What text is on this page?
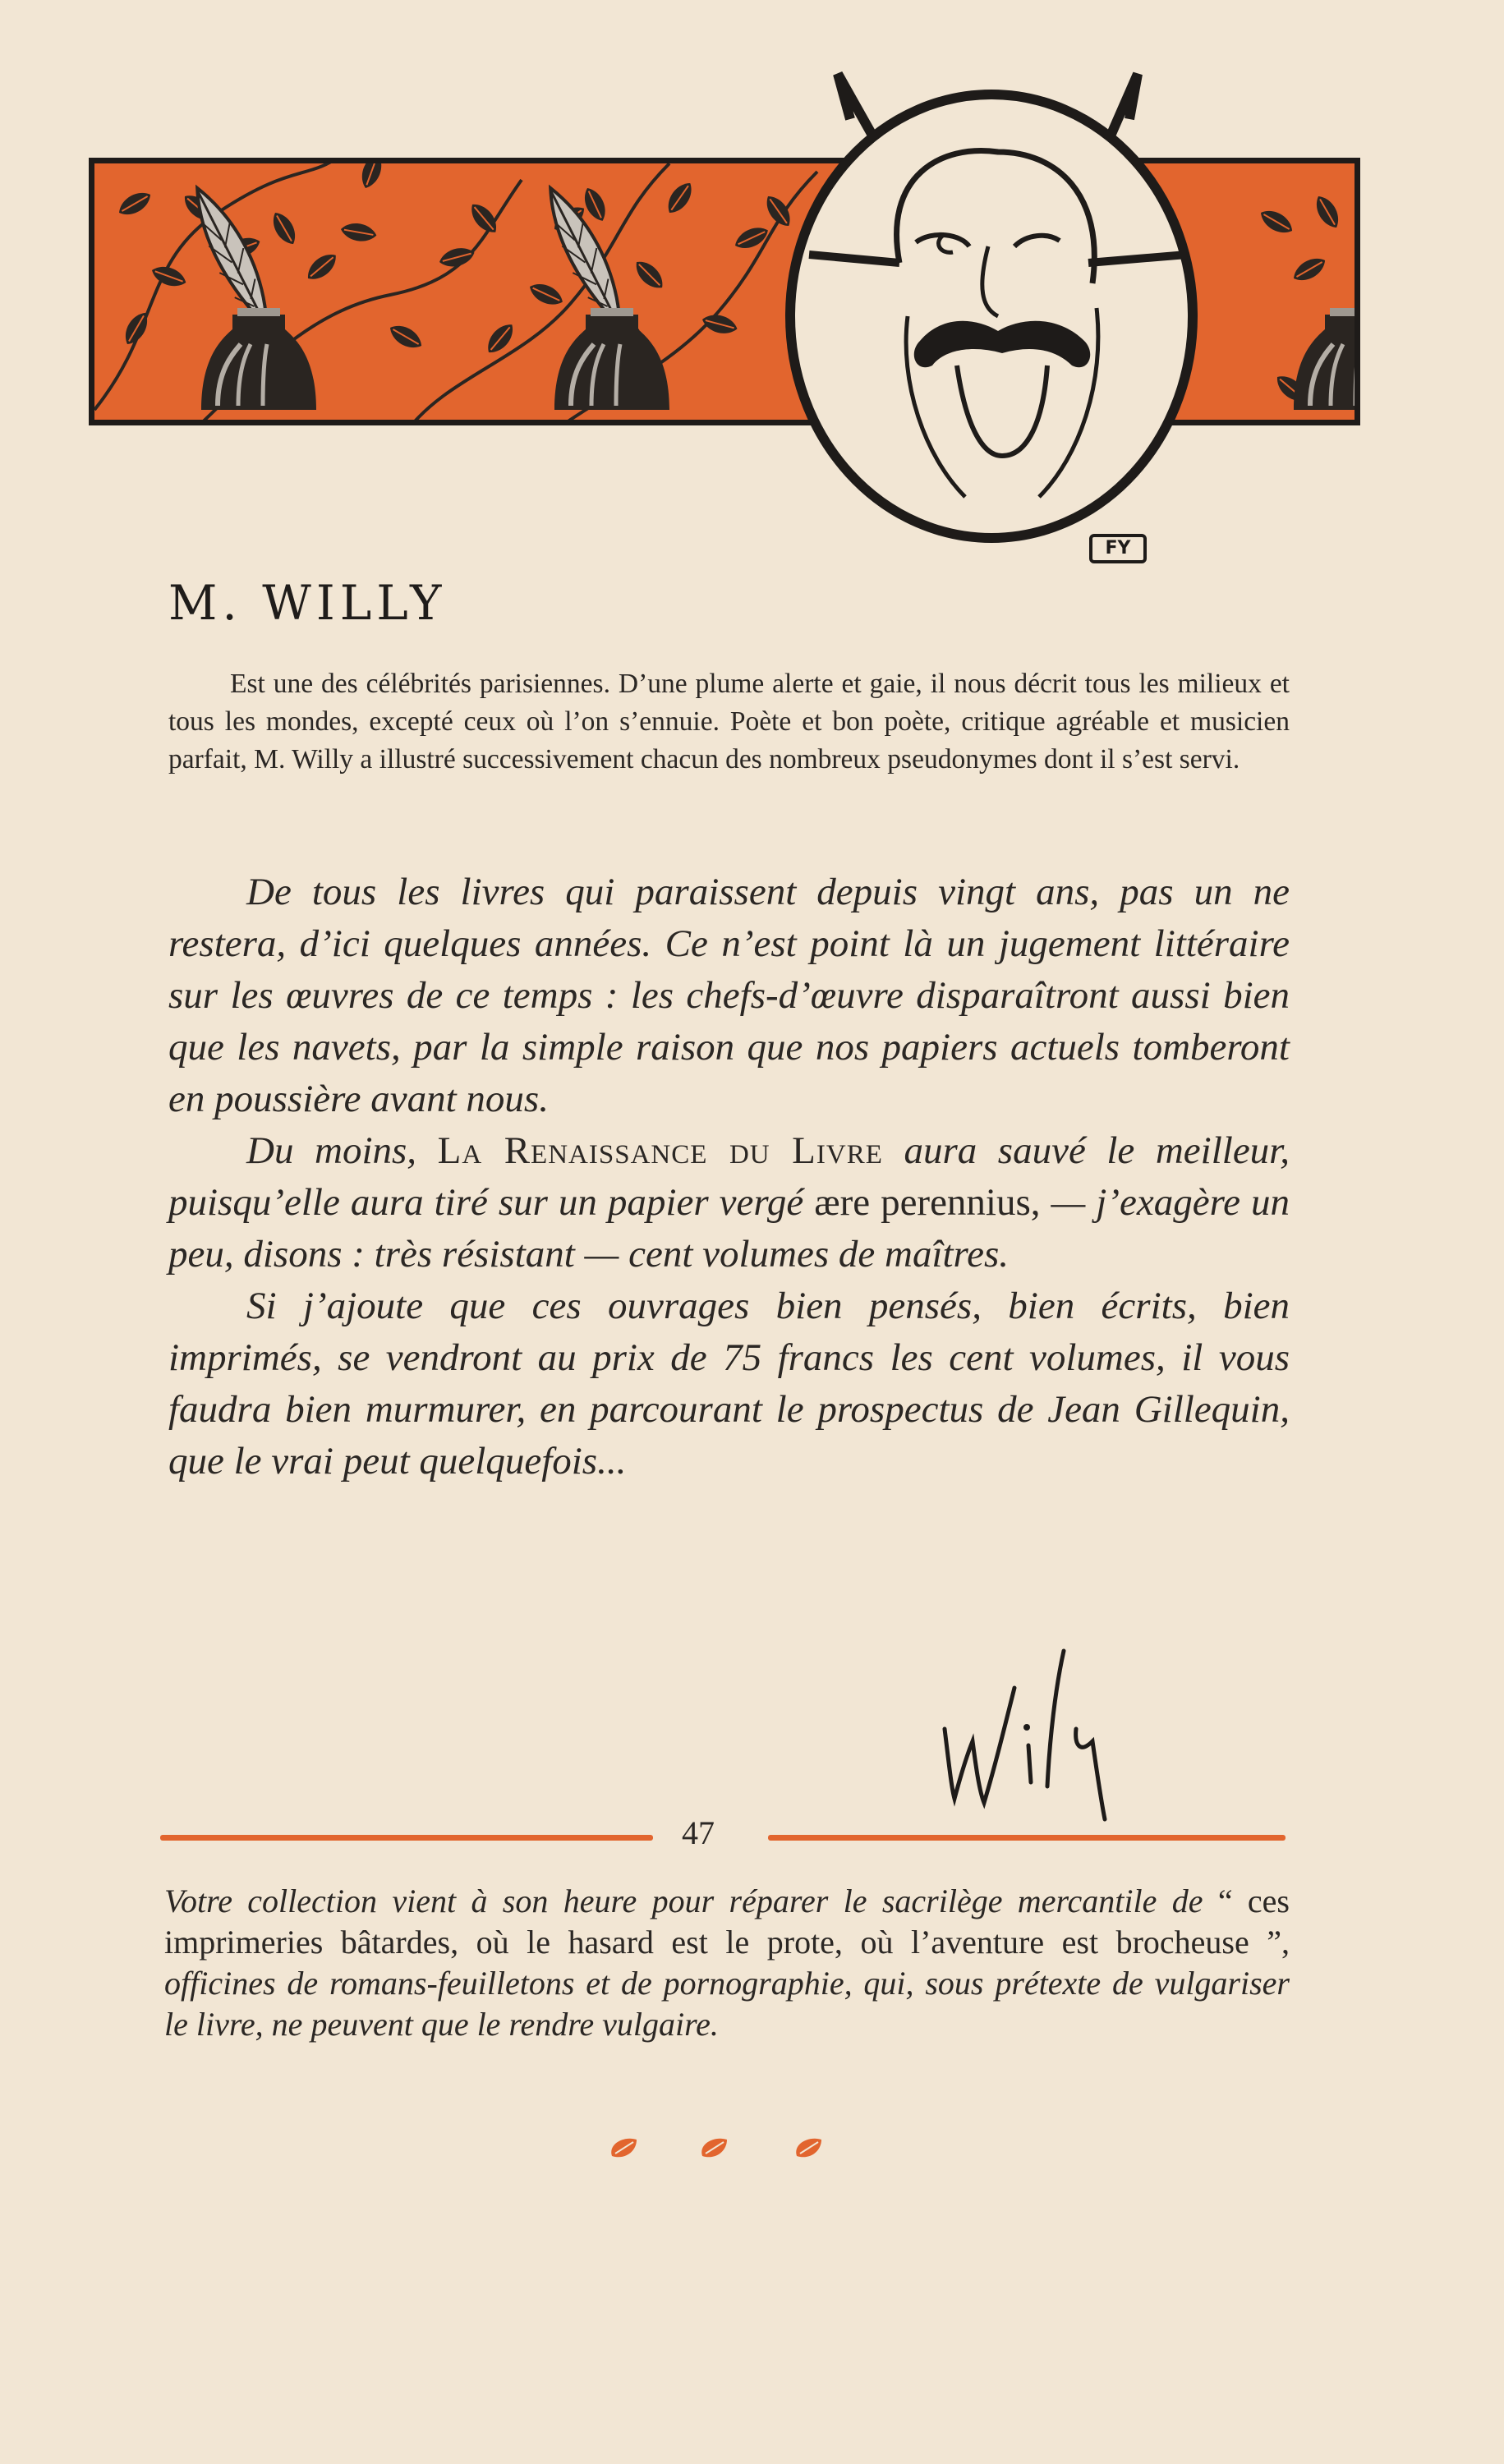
FY
M. WILLY

Est une des célébrités parisiennes. D’une plume alerte et gaie, il nous décrit tous les milieux et tous les mondes, excepté ceux où l’on s’ennuie. Poète et bon poète, critique agréable et musicien parfait, M. Willy a illustré successivement chacun des nombreux pseudonymes dont il s’est servi.

De tous les livres qui paraissent depuis vingt ans, pas un ne restera, d’ici quelques années. Ce n’est point là un jugement littéraire sur les œuvres de ce temps : les chefs-d’œuvre disparaîtront aussi bien que les navets, par la simple raison que nos papiers actuels tomberont en poussière avant nous.

Du moins, La Renaissance du Livre aura sauvé le meilleur, puisqu’elle aura tiré sur un papier vergé ære perennius, — j’exagère un peu, disons : très résistant — cent volumes de maîtres.

Si j’ajoute que ces ouvrages bien pensés, bien écrits, bien imprimés, se vendront au prix de 75 francs les cent volumes, il vous faudra bien murmurer, en parcourant le prospectus de Jean Gillequin, que le vrai peut quelquefois...

47

Votre collection vient à son heure pour réparer le sacrilège mercantile de “ ces imprimeries bâtardes, où le hasard est le prote, où l’aventure est brocheuse ”, officines de romans-feuilletons et de pornographie, qui, sous prétexte de vulgariser le livre, ne peuvent que le rendre vulgaire.
